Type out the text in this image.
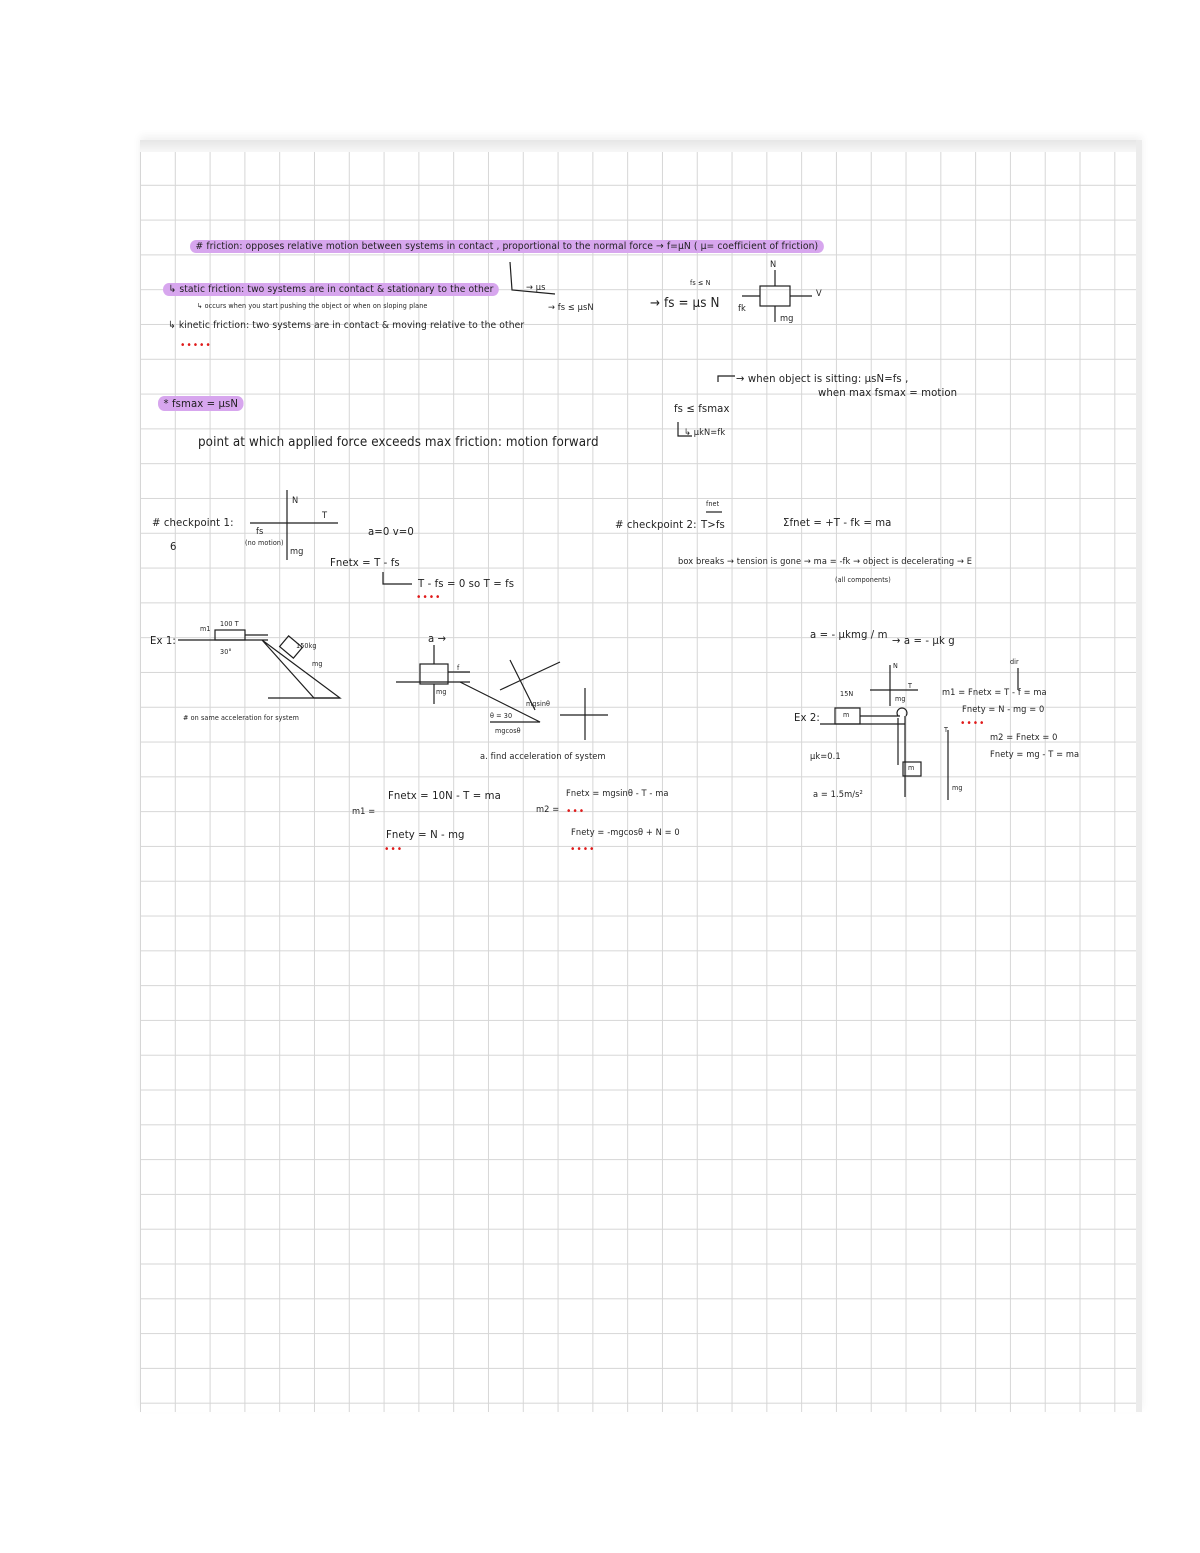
# friction: opposes relative motion between systems in contact , proportional to the normal force → f=μN ( μ= coefficient of friction)
↳ static friction: two systems are in contact & stationary to the other	→ μs
↳ occurs when you start pushing the object or when on sloping plane	→ fs ≤ μsN	→ fs = μs N
fs ≤ N
N
V
fk
mg
↳ kinetic friction: two systems are in contact & moving relative to the other
•••••
* fsmax = μsN
point at which applied force exceeds max friction: motion forward
→ when object is sitting: μsN=fs ,
when max fsmax = motion
fs ≤ fsmax
↳ μkN=fk
# checkpoint 1:
6
fs
(no motion)
N
T
mg
a=0 v=0
Fnetx = T - fs
T - fs = 0 so T = fs
••••
# checkpoint 2: T>fs
fnet
Σfnet = +T - fk = ma
box breaks → tension is gone → ma = -fk → object is decelerating → E
(all components)
Ex 1:
m1
100 T
30°
150kg
mg
# on same acceleration for system
a →
f
mg
mgcosθ
mgsinθ
θ = 30
a. find acceleration of system
m1 =
Fnetx = 10N - T = ma
Fnety = N - mg
•••
m2 =
Fnetx = mgsinθ - T - ma
•••
Fnety = -mgcosθ + N = 0
••••
a = - μkmg / m → a = - μk g
Ex 2:	m
15N
T
mg
N
μk=0.1
a = 1.5m/s²
m
T
mg
dir
m1 = Fnetx = T - f = ma
Fnety = N - mg = 0
••••
m2 = Fnetx = 0
Fnety = mg - T = ma
